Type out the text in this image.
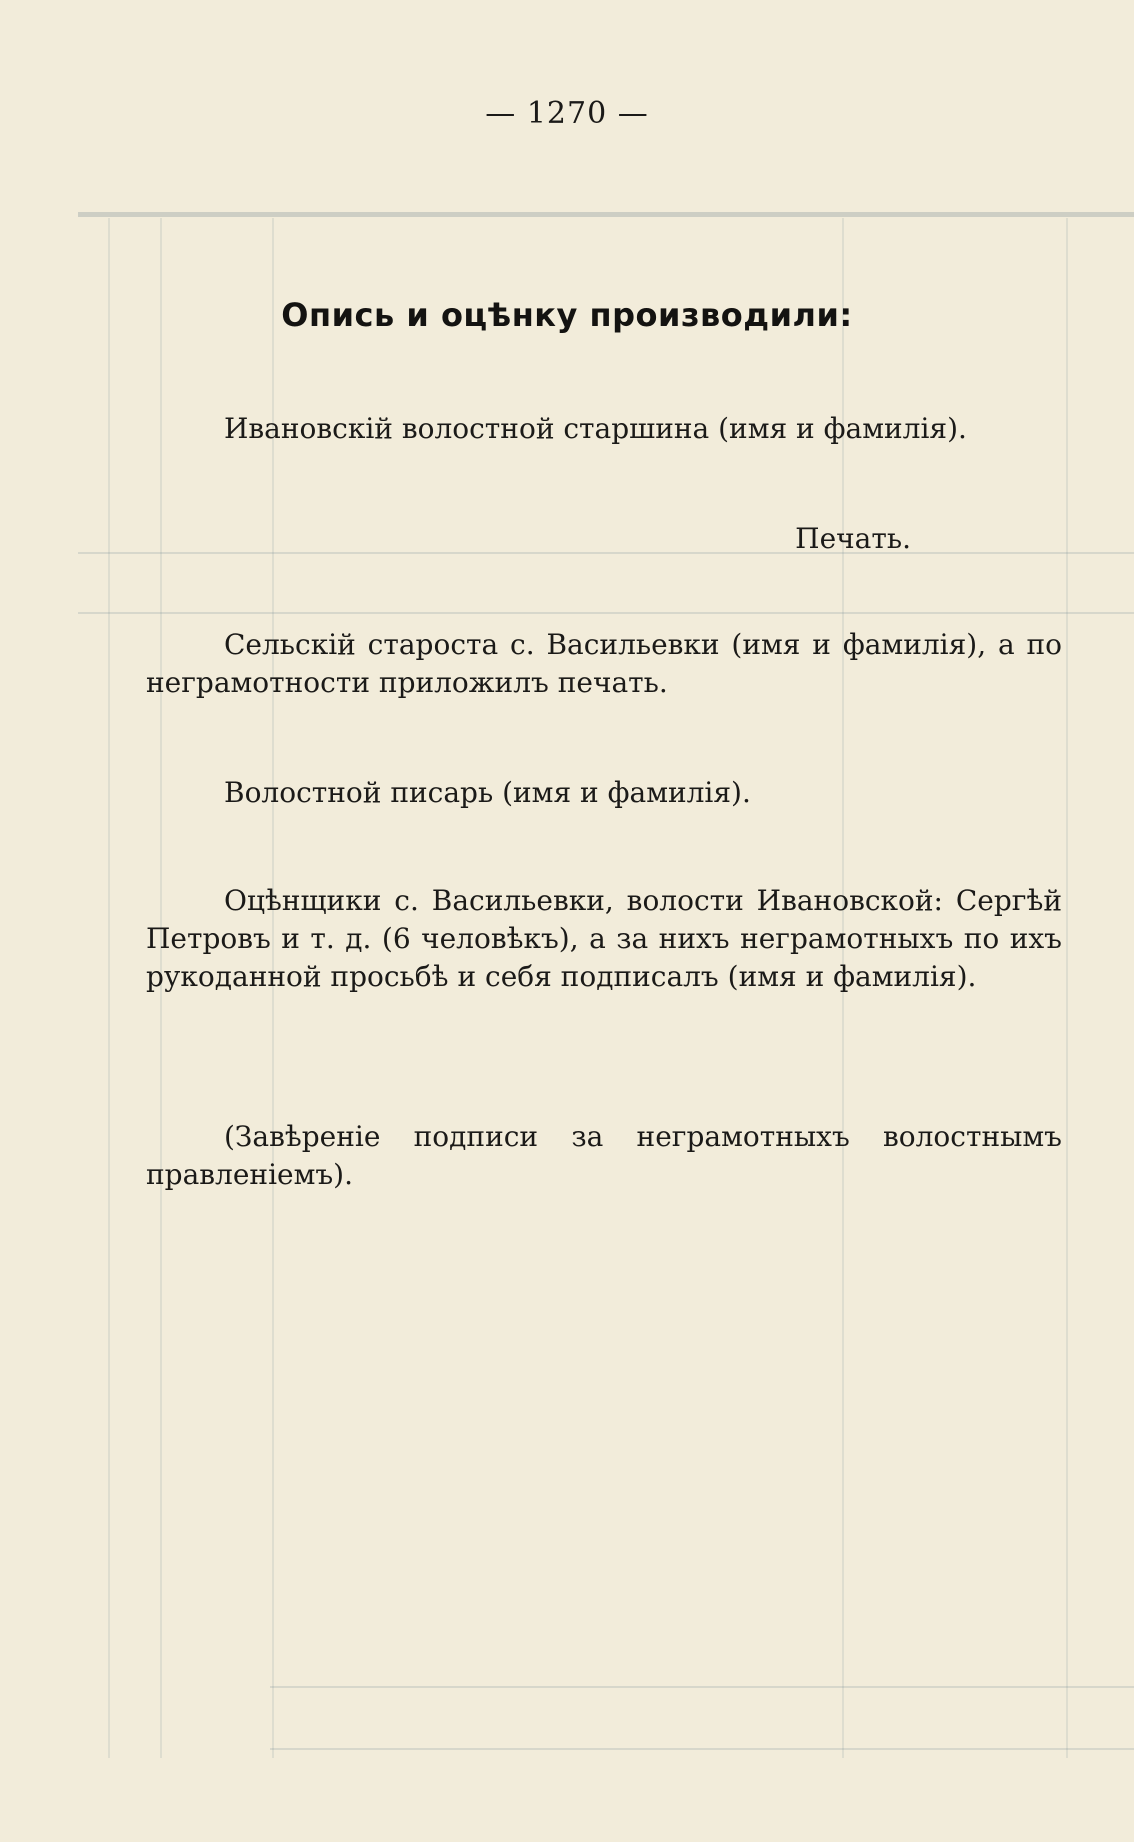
— 1270 —
Опись и оцѣнку производили:
Ивановскій волостной старшина (имя и фамилія).
Печать.
Сельскій староста с. Васильевки (имя и фамилія), а по неграмотности приложилъ печать.
Волостной писарь (имя и фамилія).
Оцѣнщики с. Васильевки, волости Ивановской: Сергѣй Петровъ и т. д. (6 человѣкъ), а за нихъ неграмотныхъ по ихъ рукоданной просьбѣ и себя подписалъ (имя и фамилія).
(Завѣреніе подписи за неграмотныхъ волостнымъ правленіемъ).
